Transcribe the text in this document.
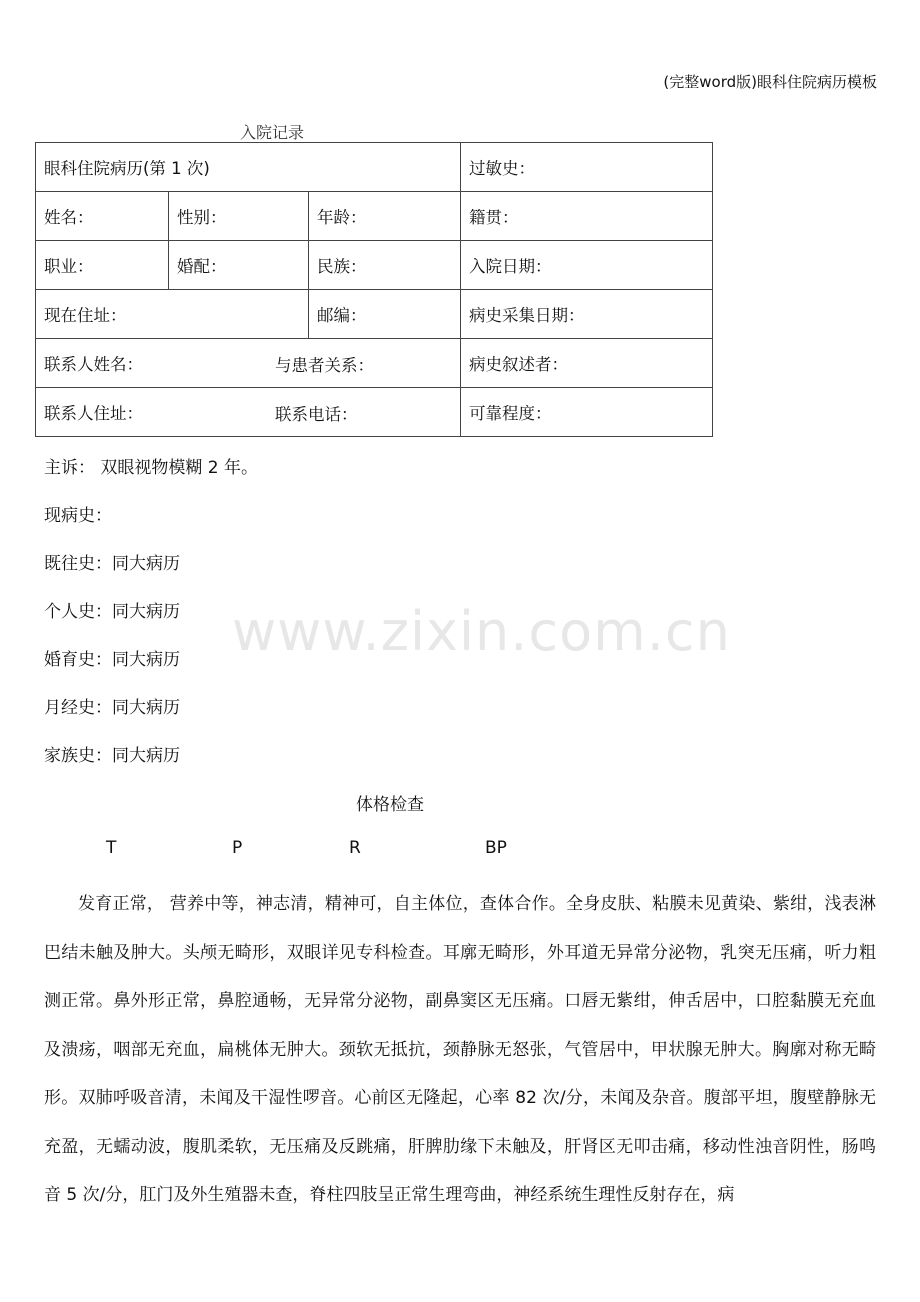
(完整word版)眼科住院病历模板
入院记录
眼科住院病历(第 1 次)			过敏史：
姓名：	性别：	年龄：	籍贯：
职业：	婚配：	民族：	入院日期：
现在住址：		邮编：	病史采集日期：
联系人姓名： 与患者关系：			病史叙述者：
联系人住址： 联系电话：			可靠程度：
主诉： 双眼视物模糊 2 年。
现病史：
既往史：同大病历
个人史：同大病历
婚育史：同大病历
月经史：同大病历
家族史：同大病历
体格检查
T	P	R	BP

发育正常， 营养中等，神志清，精神可，自主体位，查体合作。全身皮肤、粘膜未见黄染、紫绀，浅表淋巴结未触及肿大。头颅无畸形，双眼详见专科检查。耳廓无畸形，外耳道无异常分泌物，乳突无压痛，听力粗测正常。鼻外形正常，鼻腔通畅，无异常分泌物，副鼻窦区无压痛。口唇无紫绀，伸舌居中，口腔黏膜无充血及溃疡，咽部无充血，扁桃体无肿大。颈软无抵抗，颈静脉无怒张，气管居中，甲状腺无肿大。胸廓对称无畸形。双肺呼吸音清，未闻及干湿性啰音。心前区无隆起，心率 82 次/分，未闻及杂音。腹部平坦，腹壁静脉无充盈，无蠕动波，腹肌柔软，无压痛及反跳痛，肝脾肋缘下未触及，肝肾区无叩击痛，移动性浊音阴性，肠鸣音 5 次/分，肛门及外生殖器未查，脊柱四肢呈正常生理弯曲，神经系统生理性反射存在，病

www.zixin.com.cn
